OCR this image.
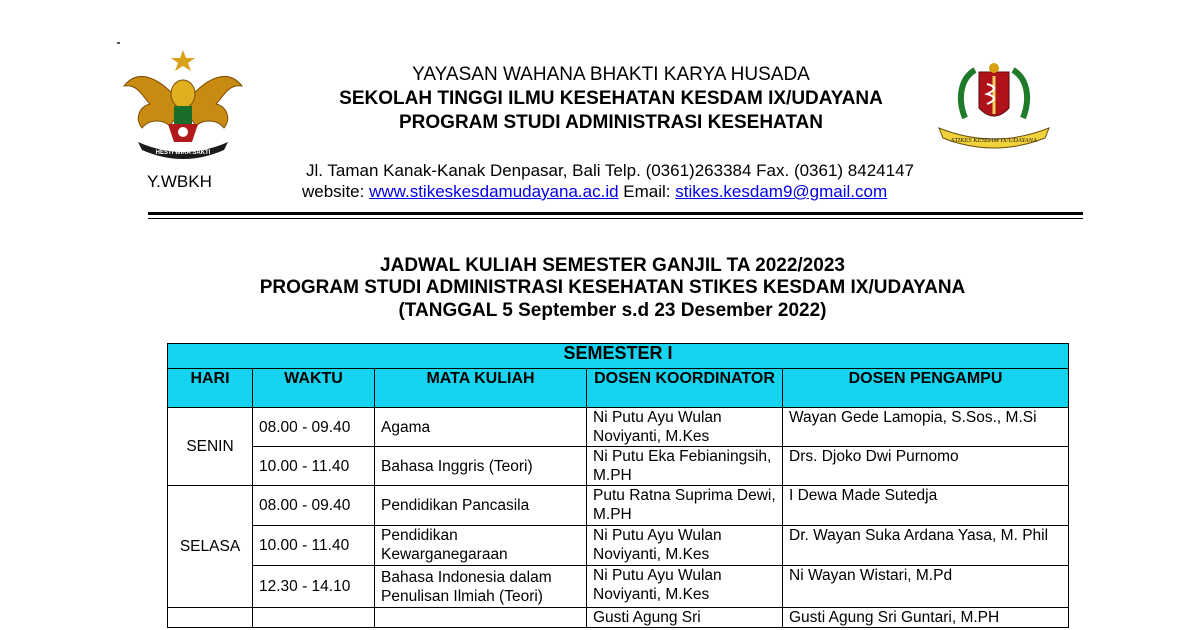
HESTI WIRA SAKTI
STIKES KESDAM IX/UDAYANA
Y.WBKH
YAYASAN WAHANA BHAKTI KARYA HUSADA
SEKOLAH TINGGI ILMU KESEHATAN KESDAM IX/UDAYANA
PROGRAM STUDI ADMINISTRASI KESEHATAN
Jl. Taman Kanak-Kanak Denpasar, Bali Telp. (0361)263384 Fax. (0361) 8424147
website: www.stikeskesdamudayana.ac.id Email: stikes.kesdam9@gmail.com
JADWAL KULIAH SEMESTER GANJIL TA 2022/2023
PROGRAM STUDI ADMINISTRASI KESEHATAN STIKES KESDAM IX/UDAYANA
(TANGGAL 5 September s.d 23 Desember 2022)
SEMESTER I				
HARI	WAKTU	MATA KULIAH	DOSEN KOORDINATOR	DOSEN PENGAMPU
SENIN	08.00 - 09.40	Agama	Ni Putu Ayu Wulan Noviyanti, M.Kes	Wayan Gede Lamopia, S.Sos., M.Si
	10.00 - 11.40	Bahasa Inggris (Teori)	Ni Putu Eka Febianingsih, M.PH	Drs. Djoko Dwi Purnomo
SELASA	08.00 - 09.40	Pendidikan Pancasila	Putu Ratna Suprima Dewi, M.PH	I Dewa Made Sutedja
	10.00 - 11.40	Pendidikan Kewarganegaraan	Ni Putu Ayu Wulan Noviyanti, M.Kes	Dr. Wayan Suka Ardana Yasa, M. Phil
	12.30 - 14.10	Bahasa Indonesia dalam Penulisan Ilmiah (Teori)	Ni Putu Ayu Wulan Noviyanti, M.Kes	Ni Wayan Wistari, M.Pd
			Gusti Agung Sri	Gusti Agung Sri Guntari, M.PH
